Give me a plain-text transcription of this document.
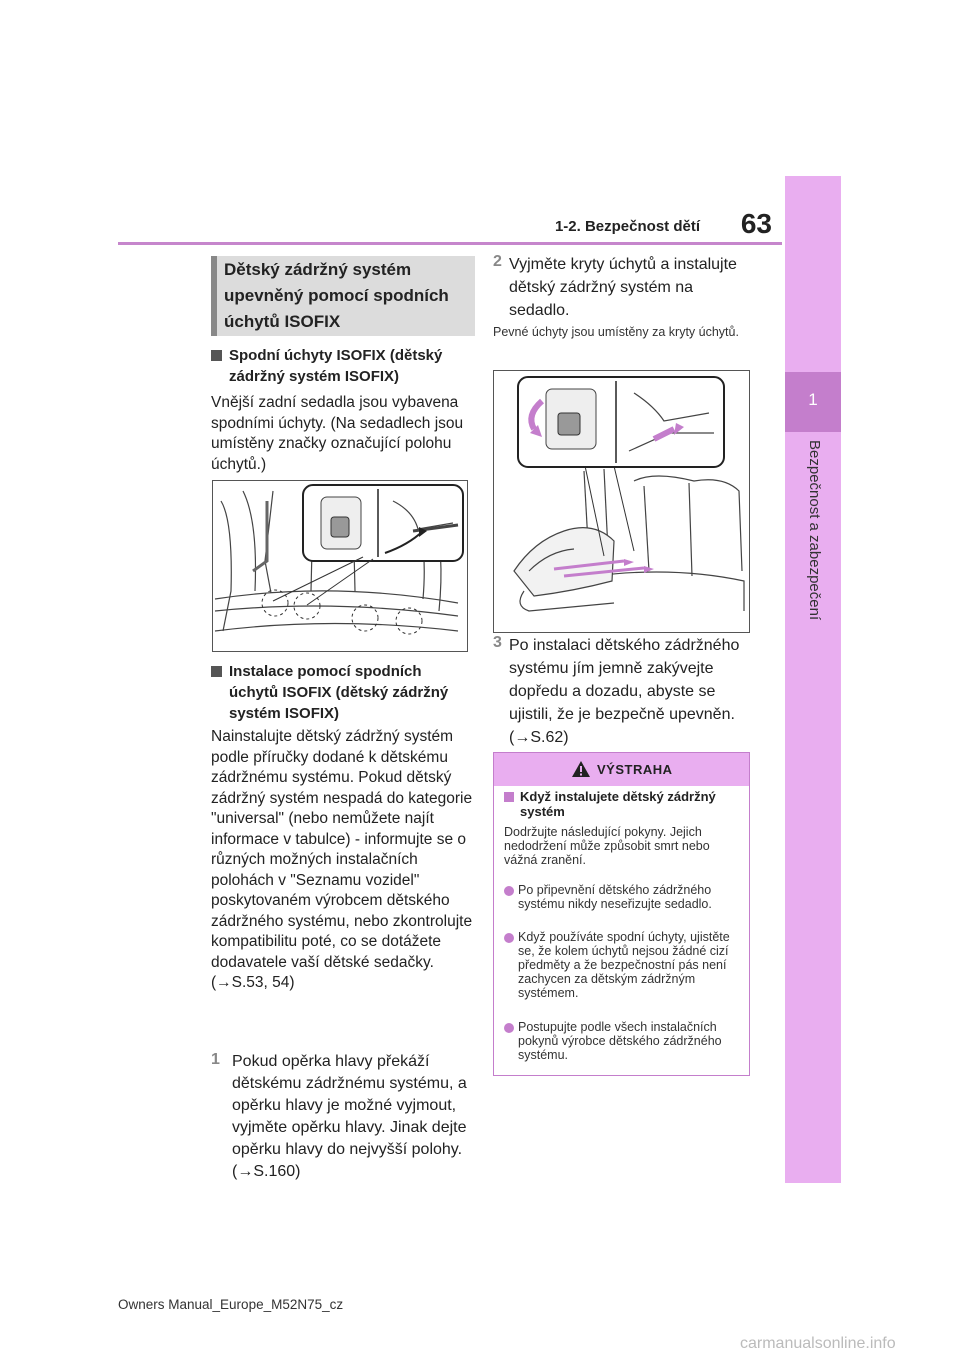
1-2. Bezpečnost dětí	63
1
Bezpečnost a zabezpečení
Dětský zádržný systém upevněný pomocí spodních úchytů ISOFIX
Spodní úchyty ISOFIX (dětský zádržný systém ISOFIX)
Vnější zadní sedadla jsou vybavena spodními úchyty. (Na sedadlech jsou umístěny značky označující polohu úchytů.)
Instalace pomocí spodních úchytů ISOFIX (dětský zádržný systém ISOFIX)
Nainstalujte dětský zádržný systém podle příručky dodané k dětskému zádržnému systému. Pokud dětský zádržný systém nespadá do kategorie "universal" (nebo nemůžete najít informace v tabulce) - informujte se o různých možných instalačních polohách v "Seznamu vozidel" poskytovaném výrobcem dětského zádržného systému, nebo zkontrolujte kompatibilitu poté, co se dotážete dodavatele vaší dětské sedačky. (→S.53, 54)
1 Pokud opěrka hlavy překáží dětskému zádržnému systému, a opěrku hlavy je možné vyjmout, vyjměte opěrku hlavy. Jinak dejte opěrku hlavy do nejvyšší polohy. (→S.160)
2 Vyjměte kryty úchytů a instalujte dětský zádržný systém na sedadlo.
Pevné úchyty jsou umístěny za kryty úchytů.
3 Po instalaci dětského zádržného systému jím jemně zakývejte dopředu a dozadu, abyste se ujistili, že je bezpečně upevněn. (→S.62)
VÝSTRAHA
Když instalujete dětský zádržný systém
Dodržujte následující pokyny. Jejich nedodržení může způsobit smrt nebo vážná zranění.
Po připevnění dětského zádržného systému nikdy neseřizujte sedadlo.
Když používáte spodní úchyty, ujistěte se, že kolem úchytů nejsou žádné cizí předměty a že bezpečnostní pás není zachycen za dětským zádržným systémem.
Postupujte podle všech instalačních pokynů výrobce dětského zádržného systému.
Owners Manual_Europe_M52N75_cz
carmanualsonline.info
